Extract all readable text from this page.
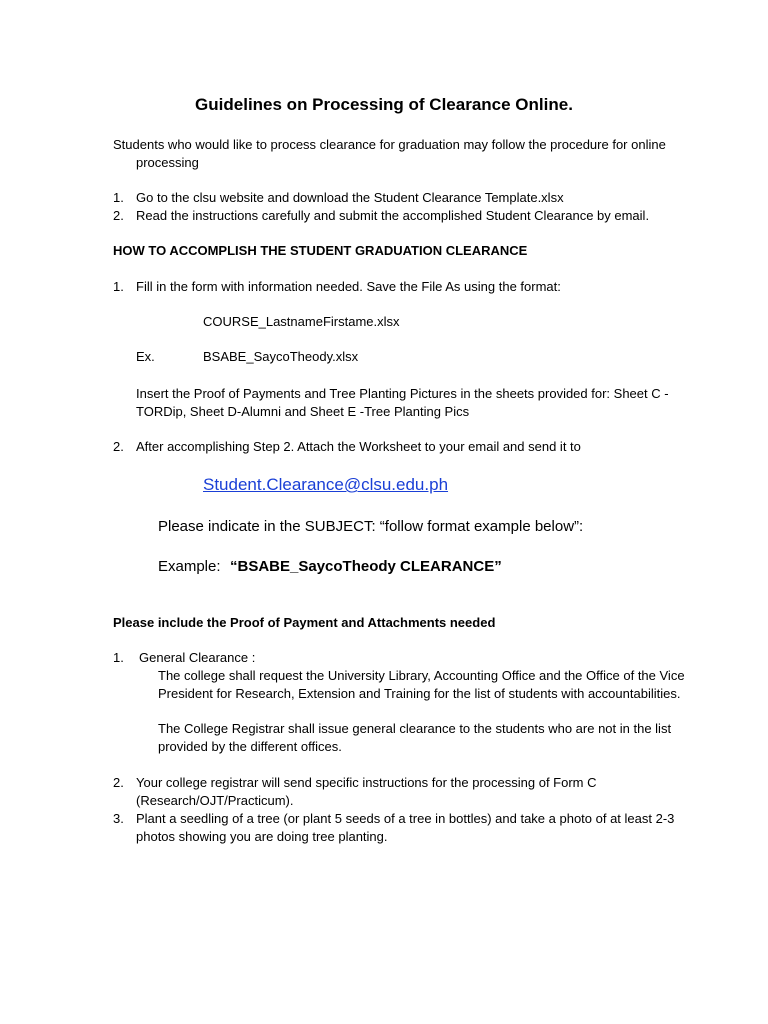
Guidelines on Processing of Clearance Online.
Students who would like to process clearance for graduation may follow the procedure for online
processing
1. Go to the clsu website and download the Student Clearance Template.xlsx
2. Read the instructions carefully and submit the accomplished Student Clearance by email.
HOW TO ACCOMPLISH THE STUDENT GRADUATION CLEARANCE
1. Fill in the form with information needed. Save the File As using the format:
COURSE_LastnameFirstame.xlsx
Ex.	BSABE_SaycoTheody.xlsx
Insert the Proof of Payments and Tree Planting Pictures in the sheets provided for: Sheet C -
TORDip, Sheet D-Alumni and Sheet E -Tree Planting Pics
2. After accomplishing Step 2. Attach the Worksheet to your email and send it to
Student.Clearance@clsu.edu.ph
Please indicate in the SUBJECT: “follow format example below”:
Example: “BSABE_SaycoTheody CLEARANCE”
Please include the Proof of Payment and Attachments needed
1. General Clearance :
The college shall request the University Library, Accounting Office and the Office of the Vice
President for Research, Extension and Training for the list of students with accountabilities.
The College Registrar shall issue general clearance to the students who are not in the list
provided by the different offices.
2. Your college registrar will send specific instructions for the processing of Form C
(Research/OJT/Practicum).
3. Plant a seedling of a tree (or plant 5 seeds of a tree in bottles) and take a photo of at least 2-3
photos showing you are doing tree planting.
